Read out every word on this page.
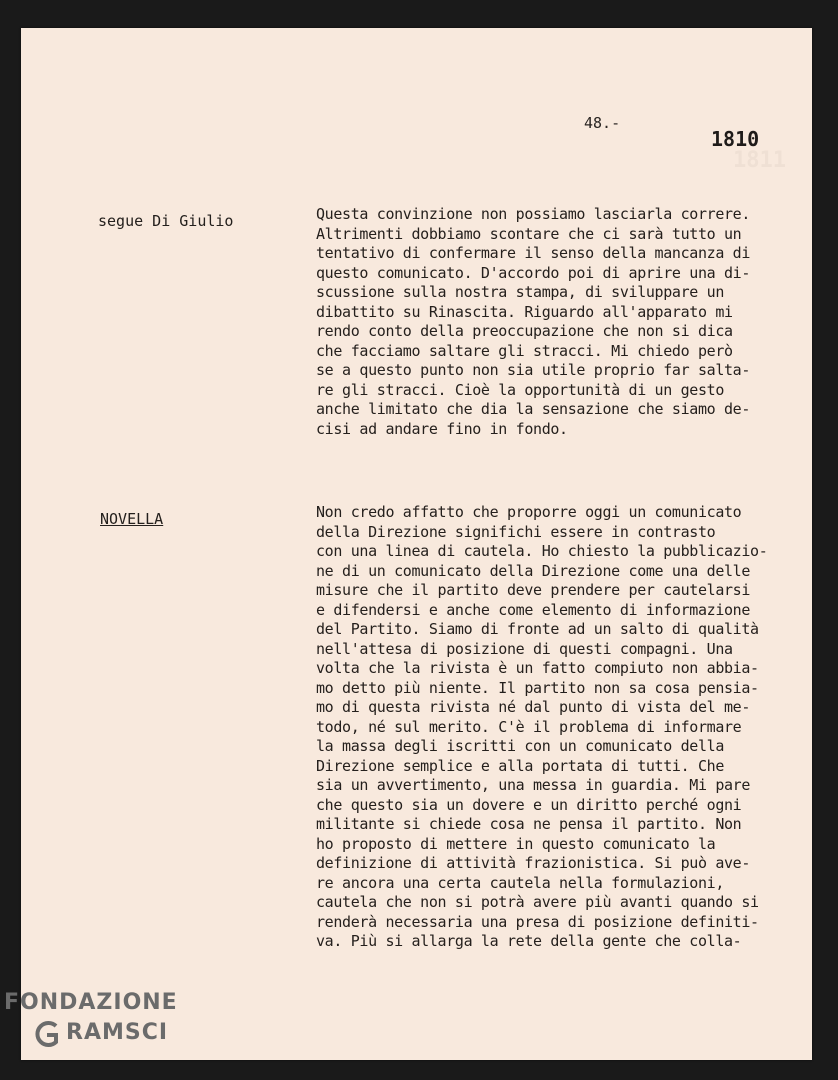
1811
48.-
1810
segue Di Giulio	Questa convinzione non possiamo lasciarla correre.
Altrimenti dobbiamo scontare che ci sarà tutto un
tentativo di confermare il senso della mancanza di
questo comunicato. D'accordo poi di aprire una di-
scussione sulla nostra stampa, di sviluppare un
dibattito su Rinascita. Riguardo all'apparato mi
rendo conto della preoccupazione che non si dica
che facciamo saltare gli stracci. Mi chiedo però
se a questo punto non sia utile proprio far salta-
re gli stracci. Cioè la opportunità di un gesto
anche limitato che dia la sensazione che siamo de-
cisi ad andare fino in fondo.
NOVELLA	Non credo affatto che proporre oggi un comunicato
della Direzione significhi essere in contrasto
con una linea di cautela. Ho chiesto la pubblicazio-
ne di un comunicato della Direzione come una delle
misure che il partito deve prendere per cautelarsi
e difendersi e anche come elemento di informazione
del Partito. Siamo di fronte ad un salto di qualità
nell'attesa di posizione di questi compagni. Una
volta che la rivista è un fatto compiuto non abbia-
mo detto più niente. Il partito non sa cosa pensia-
mo di questa rivista né dal punto di vista del me-
todo, né sul merito. C'è il problema di informare
la massa degli iscritti con un comunicato della
Direzione semplice e alla portata di tutti. Che
sia un avvertimento, una messa in guardia. Mi pare
che questo sia un dovere e un diritto perché ogni
militante si chiede cosa ne pensa il partito. Non
ho proposto di mettere in questo comunicato la
definizione di attività frazionistica. Si può ave-
re ancora una certa cautela nella formulazioni,
cautela che non si potrà avere più avanti quando si
renderà necessaria una presa di posizione definiti-
va. Più si allarga la rete della gente che colla-
FONDAZIONE
RAMSCI
